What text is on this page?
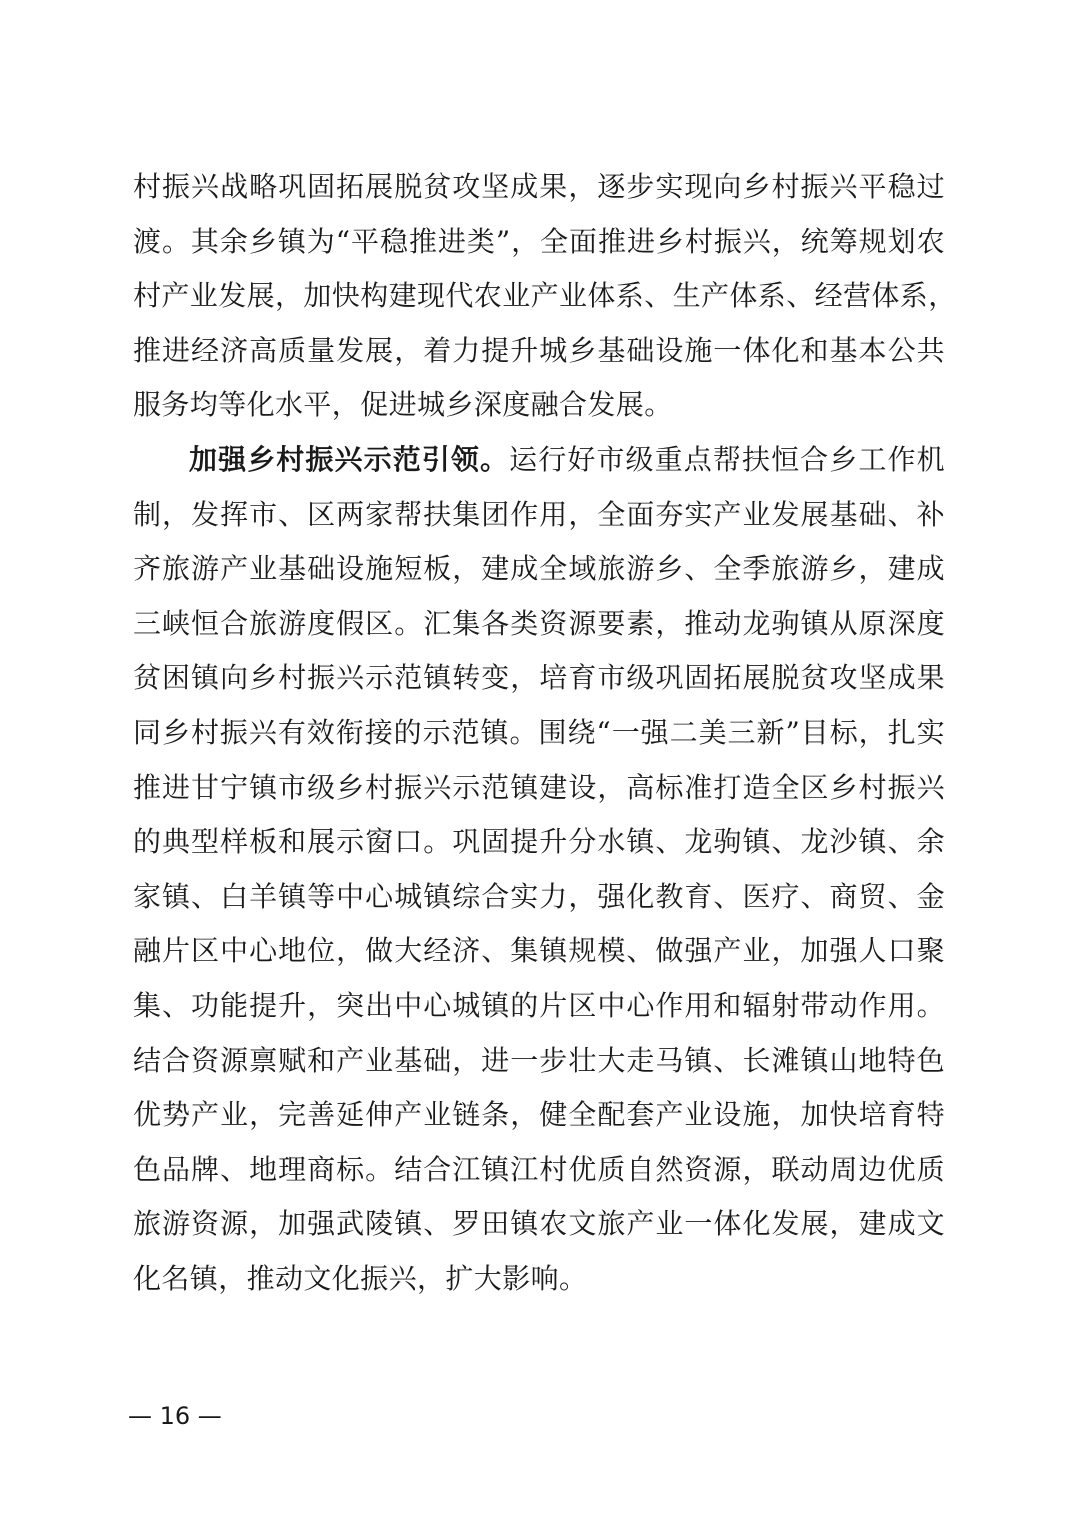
村振兴战略巩固拓展脱贫攻坚成果，逐步实现向乡村振兴平稳过
渡。其余乡镇为“平稳推进类”，全面推进乡村振兴，统筹规划农
村产业发展，加快构建现代农业产业体系、生产体系、经营体系，
推进经济高质量发展，着力提升城乡基础设施一体化和基本公共
服务均等化水平，促进城乡深度融合发展。
加强乡村振兴示范引领。运行好市级重点帮扶恒合乡工作机
制，发挥市、区两家帮扶集团作用，全面夯实产业发展基础、补
齐旅游产业基础设施短板，建成全域旅游乡、全季旅游乡，建成
三峡恒合旅游度假区。汇集各类资源要素，推动龙驹镇从原深度
贫困镇向乡村振兴示范镇转变，培育市级巩固拓展脱贫攻坚成果
同乡村振兴有效衔接的示范镇。围绕“一强二美三新”目标，扎实
推进甘宁镇市级乡村振兴示范镇建设，高标准打造全区乡村振兴
的典型样板和展示窗口。巩固提升分水镇、龙驹镇、龙沙镇、余
家镇、白羊镇等中心城镇综合实力，强化教育、医疗、商贸、金
融片区中心地位，做大经济、集镇规模、做强产业，加强人口聚
集、功能提升，突出中心城镇的片区中心作用和辐射带动作用。
结合资源禀赋和产业基础，进一步壮大走马镇、长滩镇山地特色
优势产业，完善延伸产业链条，健全配套产业设施，加快培育特
色品牌、地理商标。结合江镇江村优质自然资源，联动周边优质
旅游资源，加强武陵镇、罗田镇农文旅产业一体化发展，建成文
化名镇，推动文化振兴，扩大影响。
— 16 —
